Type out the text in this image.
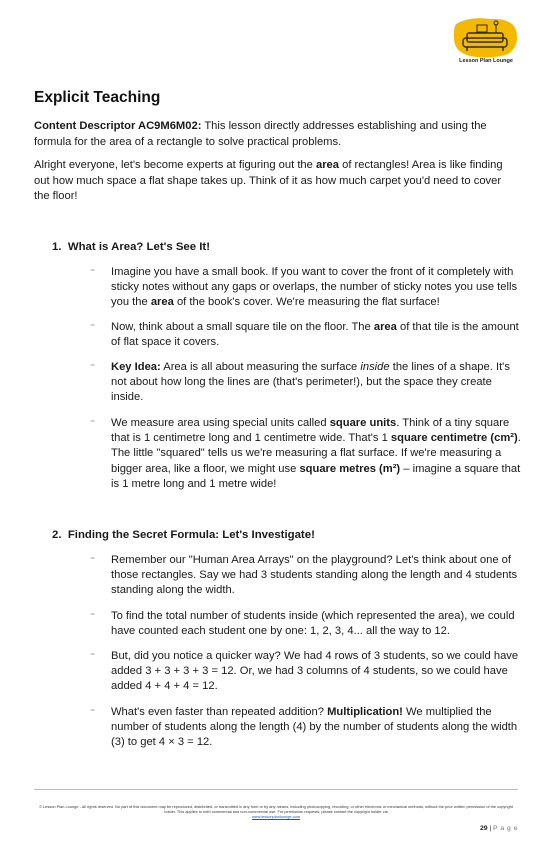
Lesson Plan Lounge
Explicit Teaching

Content Descriptor AC9M6M02: This lesson directly addresses establishing and using the formula for the area of a rectangle to solve practical problems.

Alright everyone, let's become experts at figuring out the area of rectangles! Area is like finding out how much space a flat shape takes up. Think of it as how much carpet you'd need to cover the floor!

1. What is Area? Let's See It!

⁻	Imagine you have a small book. If you want to cover the front of it completely with sticky notes without any gaps or overlaps, the number of sticky notes you use tells you the area of the book's cover. We're measuring the flat surface!

⁻	Now, think about a small square tile on the floor. The area of that tile is the amount of flat space it covers.

⁻	Key Idea: Area is all about measuring the surface inside the lines of a shape. It's not about how long the lines are (that's perimeter!), but the space they create inside.

⁻	We measure area using special units called square units. Think of a tiny square that is 1 centimetre long and 1 centimetre wide. That's 1 square centimetre (cm²). The little "squared" tells us we're measuring a flat surface. If we're measuring a bigger area, like a floor, we might use square metres (m²) – imagine a square that is 1 metre long and 1 metre wide!

2. Finding the Secret Formula: Let's Investigate!

⁻	Remember our "Human Area Arrays" on the playground? Let's think about one of those rectangles. Say we had 3 students standing along the length and 4 students standing along the width.

⁻	To find the total number of students inside (which represented the area), we could have counted each student one by one: 1, 2, 3, 4... all the way to 12.

⁻	But, did you notice a quicker way? We had 4 rows of 3 students, so we could have added 3 + 3 + 3 + 3 = 12. Or, we had 3 columns of 4 students, so we could have added 4 + 4 + 4 = 12.

⁻	What's even faster than repeated addition? Multiplication! We multiplied the number of students along the length (4) by the number of students along the width (3) to get 4 × 3 = 12.

© Lesson Plan Lounge - All rights reserved. No part of this document may be reproduced, distributed, or transmitted in any form or by any means, including photocopying, recording, or other electronic or mechanical methods, without the prior written permission of the copyright holder. This applies to both commercial and non-commercial use. For permission requests, please contact the copyright holder via
www.lessonplanlounge.com
29 | P a g e
